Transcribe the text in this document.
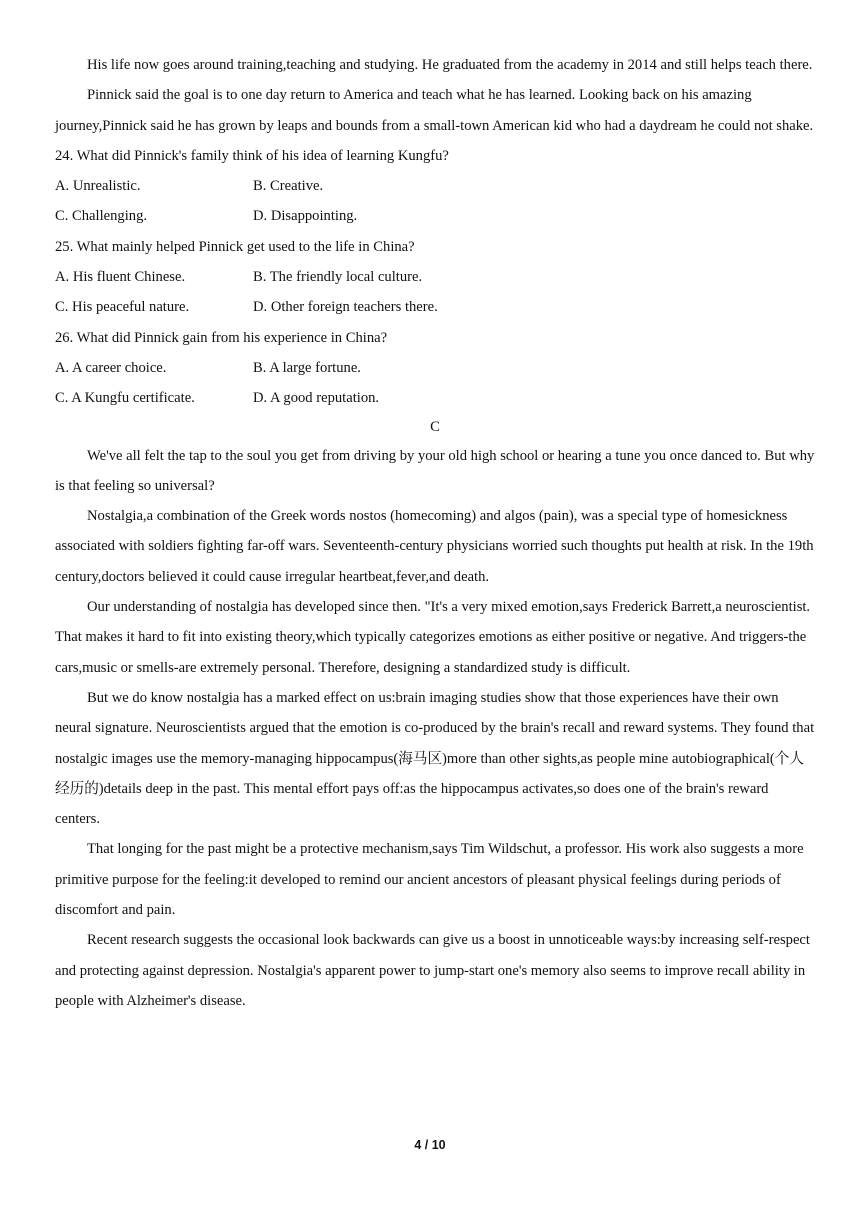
His life now goes around training,teaching and studying. He graduated from the academy in 2014 and still helps teach there.

Pinnick said the goal is to one day return to America and teach what he has learned. Looking back on his amazing journey,Pinnick said he has grown by leaps and bounds from a small-town American kid who had a daydream he could not shake.

24. What did Pinnick's family think of his idea of learning Kungfu?

A. Unrealistic.	B. Creative.
C. Challenging.	D. Disappointing.

25. What mainly helped Pinnick get used to the life in China?

A. His fluent Chinese.	B. The friendly local culture.
C. His peaceful nature.	D. Other foreign teachers there.

26. What did Pinnick gain from his experience in China?

A. A career choice.	B. A large fortune.
C. A Kungfu certificate.	D. A good reputation.

C

We've all felt the tap to the soul you get from driving by your old high school or hearing a tune you once danced to. But why is that feeling so universal?

Nostalgia,a combination of the Greek words nostos (homecoming) and algos (pain), was a special type of homesickness associated with soldiers fighting far-off wars. Seventeenth-century physicians worried such thoughts put health at risk. In the 19th century,doctors believed it could cause irregular heartbeat,fever,and death.

Our understanding of nostalgia has developed since then. "It's a very mixed emotion,says Frederick Barrett,a neuroscientist. That makes it hard to fit into existing theory,which typically categorizes emotions as either positive or negative. And triggers-the cars,music or smells-are extremely personal. Therefore, designing a standardized study is difficult.

But we do know nostalgia has a marked effect on us:brain imaging studies show that those experiences have their own neural signature. Neuroscientists argued that the emotion is co-produced by the brain's recall and reward systems. They found that nostalgic images use the memory-managing hippocampus(海马区)more than other sights,as people mine autobiographical(个人经历的)details deep in the past. This mental effort pays off:as the hippocampus activates,so does one of the brain's reward centers.

That longing for the past might be a protective mechanism,says Tim Wildschut, a professor. His work also suggests a more primitive purpose for the feeling:it developed to remind our ancient ancestors of pleasant physical feelings during periods of discomfort and pain.

Recent research suggests the occasional look backwards can give us a boost in unnoticeable ways:by increasing self-respect and protecting against depression. Nostalgia's apparent power to jump-start one's memory also seems to improve recall ability in people with Alzheimer's disease.

4 / 10
